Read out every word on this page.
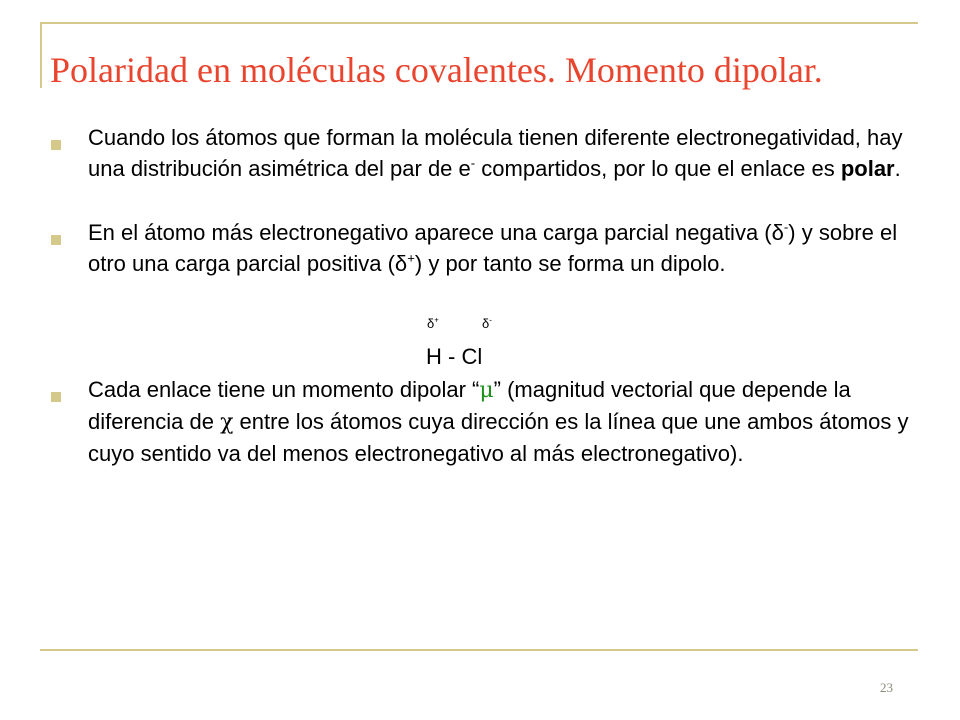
Polaridad en moléculas covalentes. Momento dipolar.
Cuando los átomos que forman la molécula tienen diferente electronegatividad, hay una distribución asimétrica del par de e- compartidos, por lo que el enlace es polar.
En el átomo más electronegativo aparece una carga parcial negativa (δ-) y sobre el otro una carga parcial positiva (δ+) y por tanto se forma un dipolo.
δ+	δ-
H - Cl
Cada enlace tiene un momento dipolar “μ” (magnitud vectorial que depende la diferencia de χ entre los átomos cuya dirección es la línea que une ambos átomos y cuyo sentido va del menos electronegativo al más electronegativo).
23
